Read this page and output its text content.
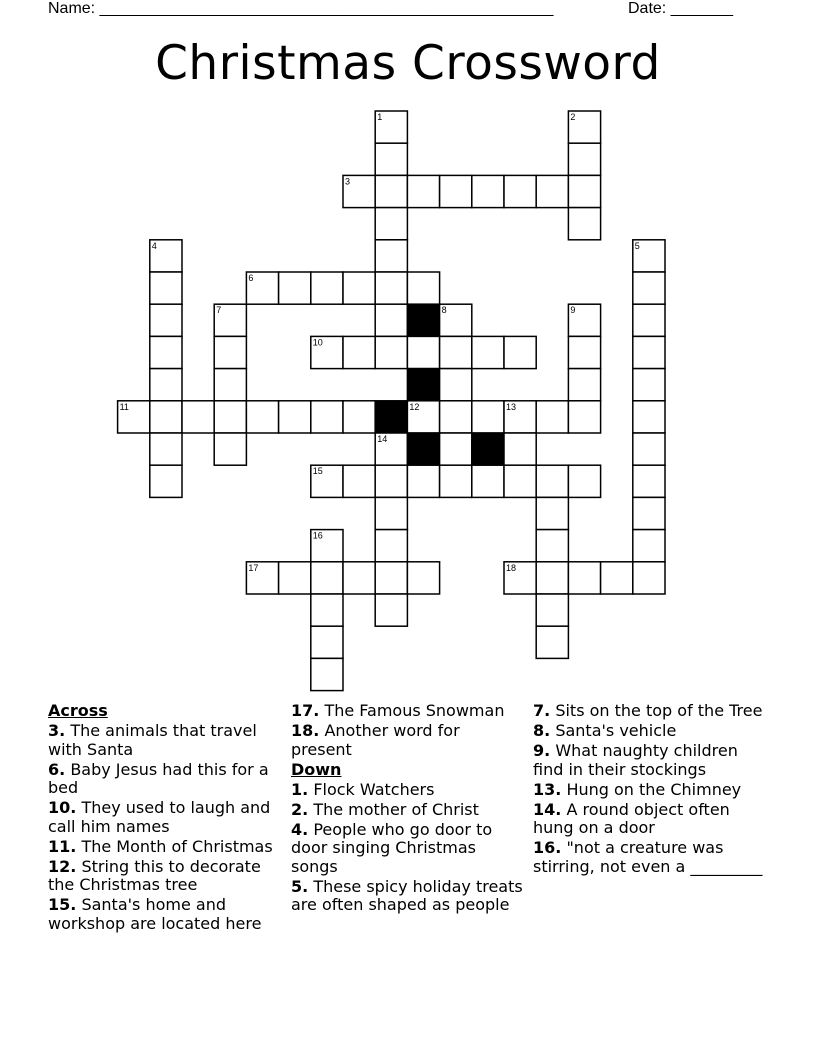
Name: ___________________________________________________	Date: _______
Christmas Crossword
1	2
3
4	5
6
7	8	9
10
11	12	13
14
15
16
17	18

Across

3. The animals that travel with Santa

6. Baby Jesus had this for a bed

10. They used to laugh and call him names

11. The Month of Christmas

12. String this to decorate the Christmas tree

15. Santa's home and workshop are located here

17. The Famous Snowman

18. Another word for present

Down

1. Flock Watchers

2. The mother of Christ

4. People who go door to door singing Christmas songs

5. These spicy holiday treats are often shaped as people

7. Sits on the top of the Tree

8. Santa's vehicle

9. What naughty children find in their stockings

13. Hung on the Chimney

14. A round object often hung on a door

16. "not a creature was stirring, not even a _________
